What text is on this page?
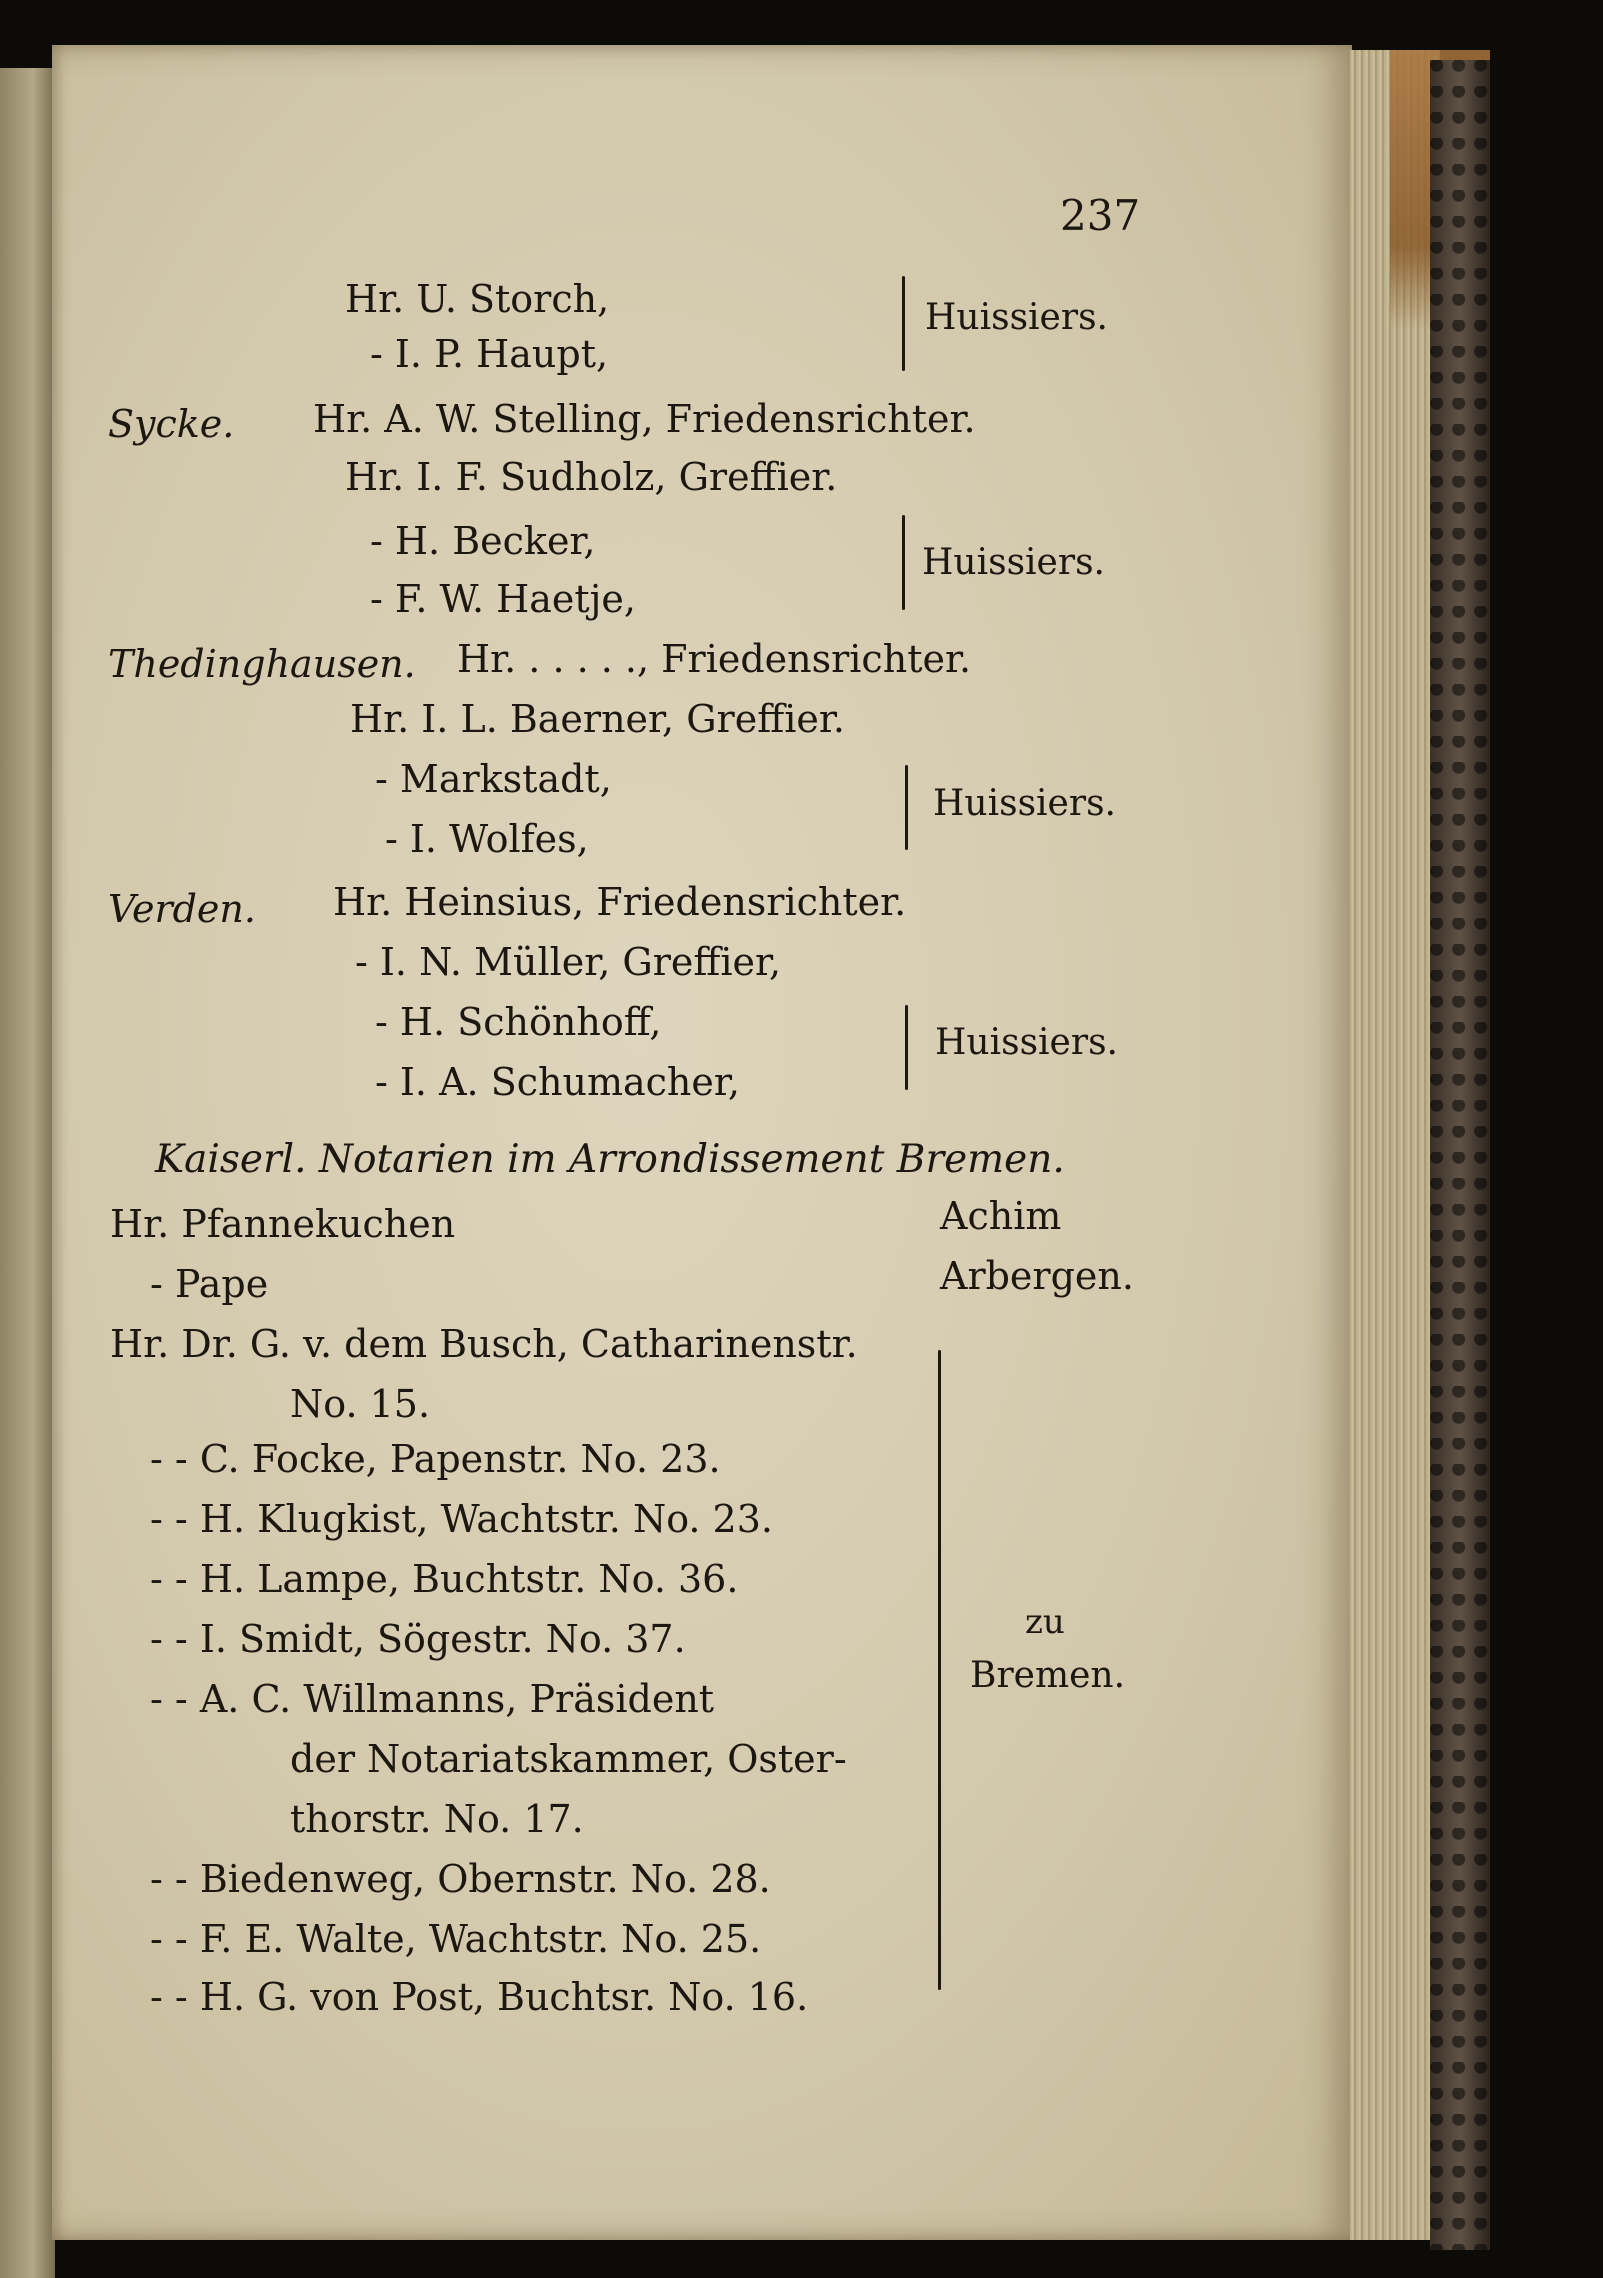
237
Hr. U. Storch,
- I. P. Haupt,
Huissiers.
Sycke. Hr. A. W. Stelling, Friedensrichter.
Hr. I. F. Sudholz, Greffier.
- H. Becker,
- F. W. Haetje,
Huissiers.
Thedinghausen. Hr. . . . . ., Friedensrichter.
Hr. I. L. Baerner, Greffier.
- Markstadt,
- I. Wolfes,
Huissiers.
Verden. Hr. Heinsius, Friedensrichter.
- I. N. Müller, Greffier,
- H. Schönhoff,
- I. A. Schumacher,
Huissiers.
Kaiserl. Notarien im Arrondissement Bremen.
Hr. Pfannekuchen	Achim
- Pape	Arbergen.
Hr. Dr. G. v. dem Busch, Catharinenstr.
No. 15.
- - C. Focke, Papenstr. No. 23.
- - H. Klugkist, Wachtstr. No. 23.
- - H. Lampe, Buchtstr. No. 36.
- - I. Smidt, Sögestr. No. 37.
- - A. C. Willmanns, Präsident
der Notariatskammer, Oster-
thorstr. No. 17.
- - Biedenweg, Obernstr. No. 28.
- - F. E. Walte, Wachtstr. No. 25.
- - H. G. von Post, Buchtsr. No. 16.
zu
Bremen.
